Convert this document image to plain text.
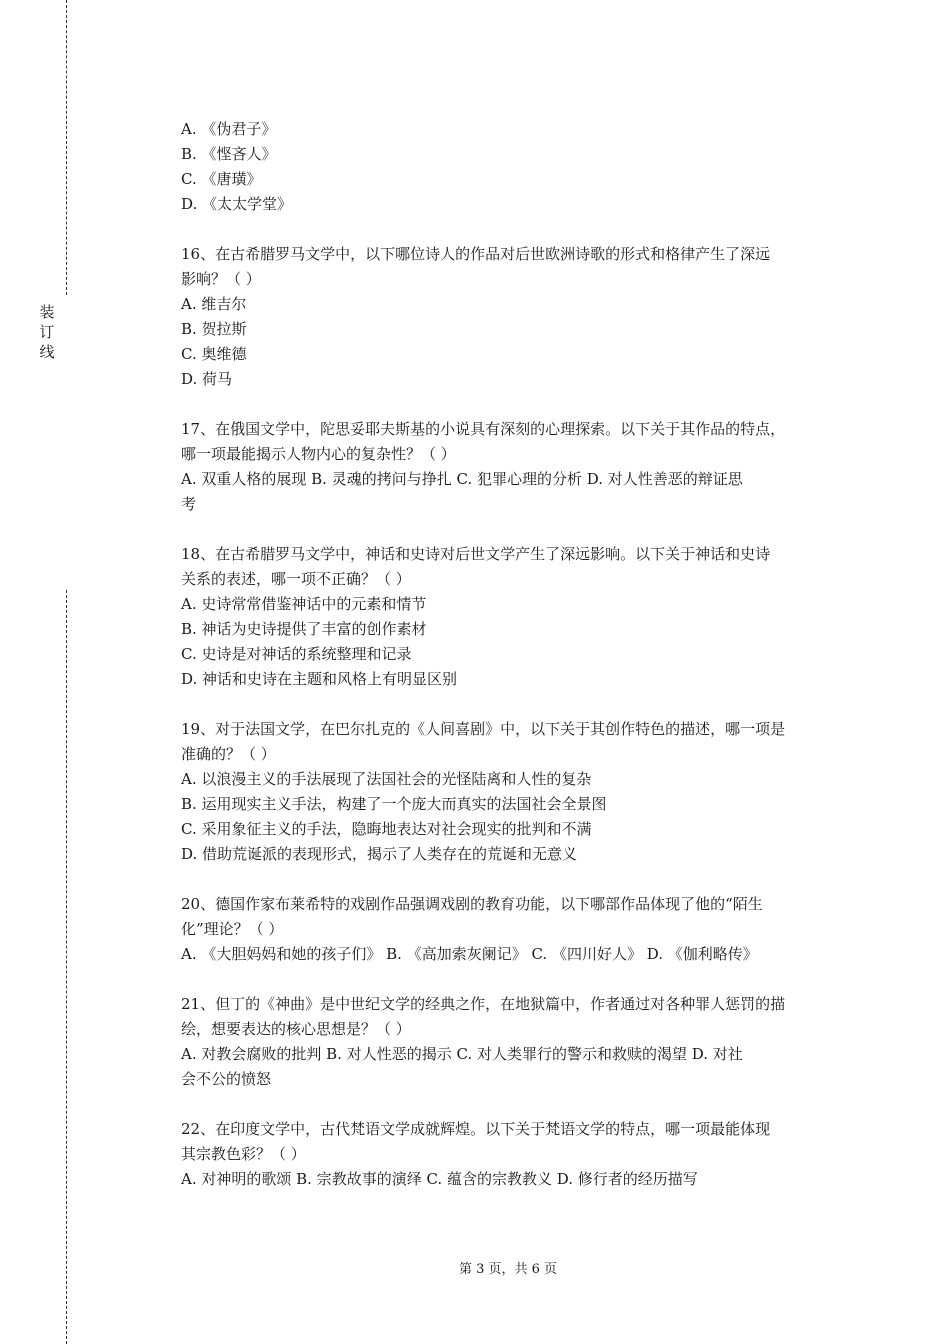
装
订
线
A. 《伪君子》
B. 《悭吝人》
C. 《唐璜》
D. 《太太学堂》
16、在古希腊罗马文学中，以下哪位诗人的作品对后世欧洲诗歌的形式和格律产生了深远
影响？（ ）
A. 维吉尔
B. 贺拉斯
C. 奥维德
D. 荷马
17、在俄国文学中，陀思妥耶夫斯基的小说具有深刻的心理探索。以下关于其作品的特点，
哪一项最能揭示人物内心的复杂性？（ ）
A. 双重人格的展现 B. 灵魂的拷问与挣扎 C. 犯罪心理的分析 D. 对人性善恶的辩证思
考
18、在古希腊罗马文学中，神话和史诗对后世文学产生了深远影响。以下关于神话和史诗
关系的表述，哪一项不正确？（ ）
A. 史诗常常借鉴神话中的元素和情节
B. 神话为史诗提供了丰富的创作素材
C. 史诗是对神话的系统整理和记录
D. 神话和史诗在主题和风格上有明显区别
19、对于法国文学，在巴尔扎克的《人间喜剧》中，以下关于其创作特色的描述，哪一项是
准确的？（ ）
A. 以浪漫主义的手法展现了法国社会的光怪陆离和人性的复杂
B. 运用现实主义手法，构建了一个庞大而真实的法国社会全景图
C. 采用象征主义的手法，隐晦地表达对社会现实的批判和不满
D. 借助荒诞派的表现形式，揭示了人类存在的荒诞和无意义
20、德国作家布莱希特的戏剧作品强调戏剧的教育功能，以下哪部作品体现了他的“陌生
化”理论？（ ）
A. 《大胆妈妈和她的孩子们》 B. 《高加索灰阑记》 C. 《四川好人》 D. 《伽利略传》
21、但丁的《神曲》是中世纪文学的经典之作，在地狱篇中，作者通过对各种罪人惩罚的描
绘，想要表达的核心思想是？（ ）
A. 对教会腐败的批判 B. 对人性恶的揭示 C. 对人类罪行的警示和救赎的渴望 D. 对社
会不公的愤怒
22、在印度文学中，古代梵语文学成就辉煌。以下关于梵语文学的特点，哪一项最能体现
其宗教色彩？（ ）
A. 对神明的歌颂 B. 宗教故事的演绎 C. 蕴含的宗教教义 D. 修行者的经历描写
第 3 页，共 6 页
